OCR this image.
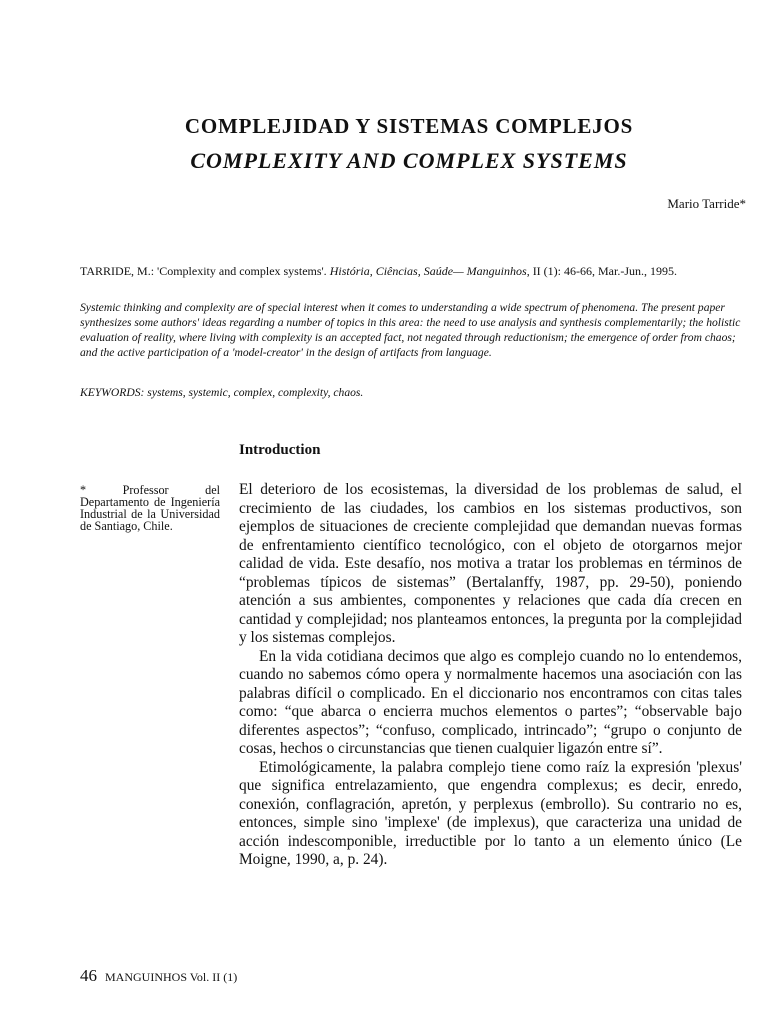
COMPLEJIDAD Y SISTEMAS COMPLEJOS
COMPLEXITY AND COMPLEX SYSTEMS
Mario Tarride*
TARRIDE, M.: 'Complexity and complex systems'. História, Ciências, Saúde— Manguinhos, II (1): 46-66, Mar.-Jun., 1995.
Systemic thinking and complexity are of special interest when it comes to understanding a wide spectrum of phenomena. The present paper synthesizes some authors' ideas regarding a number of topics in this area: the need to use analysis and synthesis complementarily; the holistic evaluation of reality, where living with complexity is an accepted fact, not negated through reductionism; the emergence of order from chaos; and the active participation of a 'model-creator' in the design of artifacts from language.
KEYWORDS: systems, systemic, complex, complexity, chaos.
Introduction
* Professor del Departamento de Ingeniería Industrial de la Universidad de Santiago, Chile.

El deterioro de los ecosistemas, la diversidad de los problemas de salud, el crecimiento de las ciudades, los cambios en los sistemas productivos, son ejemplos de situaciones de creciente complejidad que demandan nuevas formas de enfrentamiento científico tecnológico, con el objeto de otorgarnos mejor calidad de vida. Este desafío, nos motiva a tratar los problemas en términos de “problemas típicos de sistemas” (Bertalanffy, 1987, pp. 29-50), poniendo atención a sus ambientes, componentes y relaciones que cada día crecen en cantidad y complejidad; nos planteamos entonces, la pregunta por la complejidad y los sistemas complejos.

En la vida cotidiana decimos que algo es complejo cuando no lo entendemos, cuando no sabemos cómo opera y normalmente hacemos una asociación con las palabras difícil o complicado. En el diccionario nos encontramos con citas tales como: “que abarca o encierra muchos elementos o partes”; “observable bajo diferentes aspectos”; “confuso, complicado, intrincado”; “grupo o conjunto de cosas, hechos o circunstancias que tienen cualquier ligazón entre sí”.

Etimológicamente, la palabra complejo tiene como raíz la expresión 'plexus' que significa entrelazamiento, que engendra complexus; es decir, enredo, conexión, conflagración, apretón, y perplexus (embrollo). Su contrario no es, entonces, simple sino 'implexe' (de implexus), que caracteriza una unidad de acción indescomponible, irreductible por lo tanto a un elemento único (Le Moigne, 1990, a, p. 24).

46 MANGUINHOS Vol. II (1)
